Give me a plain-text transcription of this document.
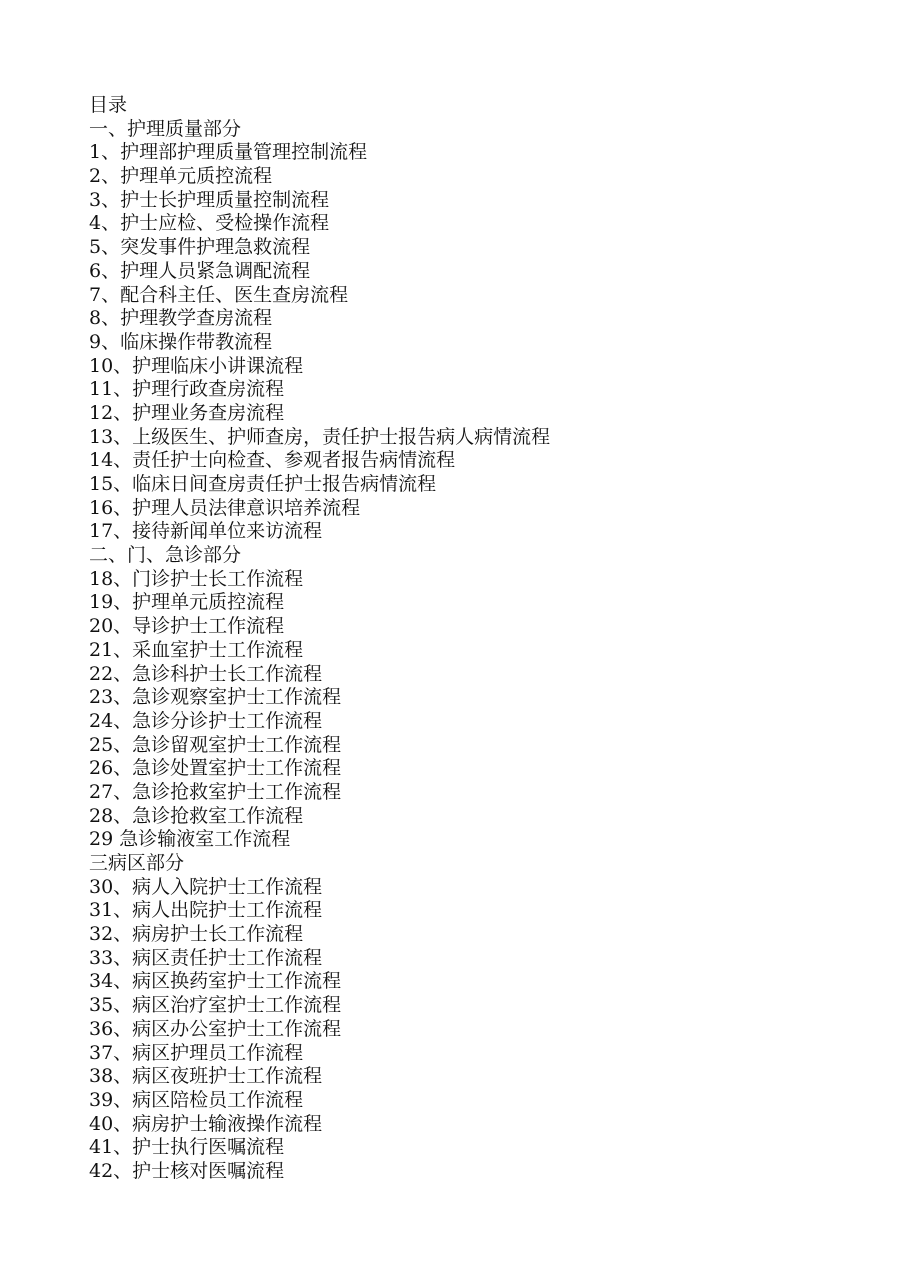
目录
一、护理质量部分
1、护理部护理质量管理控制流程
2、护理单元质控流程
3、护士长护理质量控制流程
4、护士应检、受检操作流程
5、突发事件护理急救流程
6、护理人员紧急调配流程
7、配合科主任、医生查房流程
8、护理教学查房流程
9、临床操作带教流程
10、护理临床小讲课流程
11、护理行政查房流程
12、护理业务查房流程
13、上级医生、护师查房，责任护士报告病人病情流程
14、责任护士向检查、参观者报告病情流程
15、临床日间查房责任护士报告病情流程
16、护理人员法律意识培养流程
17、接待新闻单位来访流程
二、门、急诊部分
18、门诊护士长工作流程
19、护理单元质控流程
20、导诊护士工作流程
21、采血室护士工作流程
22、急诊科护士长工作流程
23、急诊观察室护士工作流程
24、急诊分诊护士工作流程
25、急诊留观室护士工作流程
26、急诊处置室护士工作流程
27、急诊抢救室护士工作流程
28、急诊抢救室工作流程
29 急诊输液室工作流程
三病区部分
30、病人入院护士工作流程
31、病人出院护士工作流程
32、病房护士长工作流程
33、病区责任护士工作流程
34、病区换药室护士工作流程
35、病区治疗室护士工作流程
36、病区办公室护士工作流程
37、病区护理员工作流程
38、病区夜班护士工作流程
39、病区陪检员工作流程
40、病房护士输液操作流程
41、护士执行医嘱流程
42、护士核对医嘱流程
